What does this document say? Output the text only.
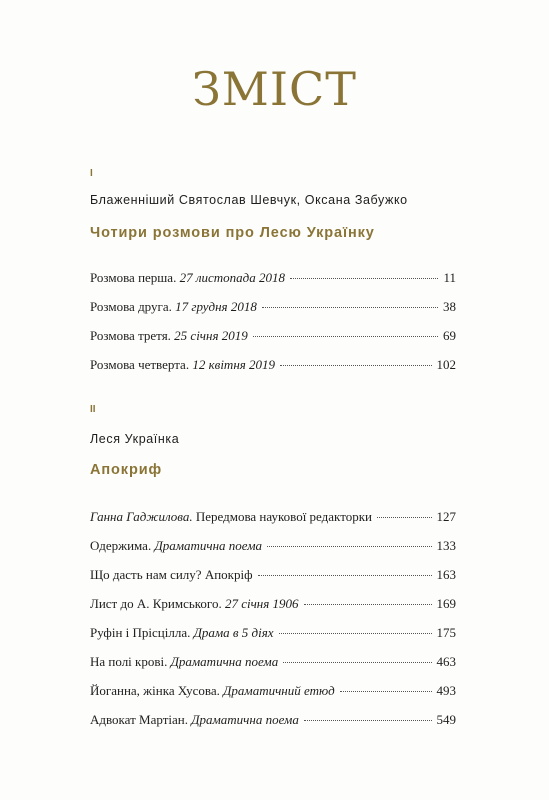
ЗМІСТ
I
Блаженніший Святослав Шевчук, Оксана Забужко
Чотири розмови про Лесю Українку
Розмова перша. 27 листопада 2018	11
Розмова друга. 17 грудня 2018	38
Розмова третя. 25 січня 2019	69
Розмова четверта. 12 квітня 2019	102
II
Леся Українка
Апокриф
Ганна Гаджилова. Передмова наукової редакторки	127
Одержима. Драматична поема	133
Що дасть нам силу? Апокріф	163
Лист до А. Кримського. 27 січня 1906	169
Руфін і Прісцілла. Драма в 5 діях	175
На полі крові. Драматична поема	463
Йоганна, жінка Хусова. Драматичний етюд	493
Адвокат Мартіан. Драматична поема	549
